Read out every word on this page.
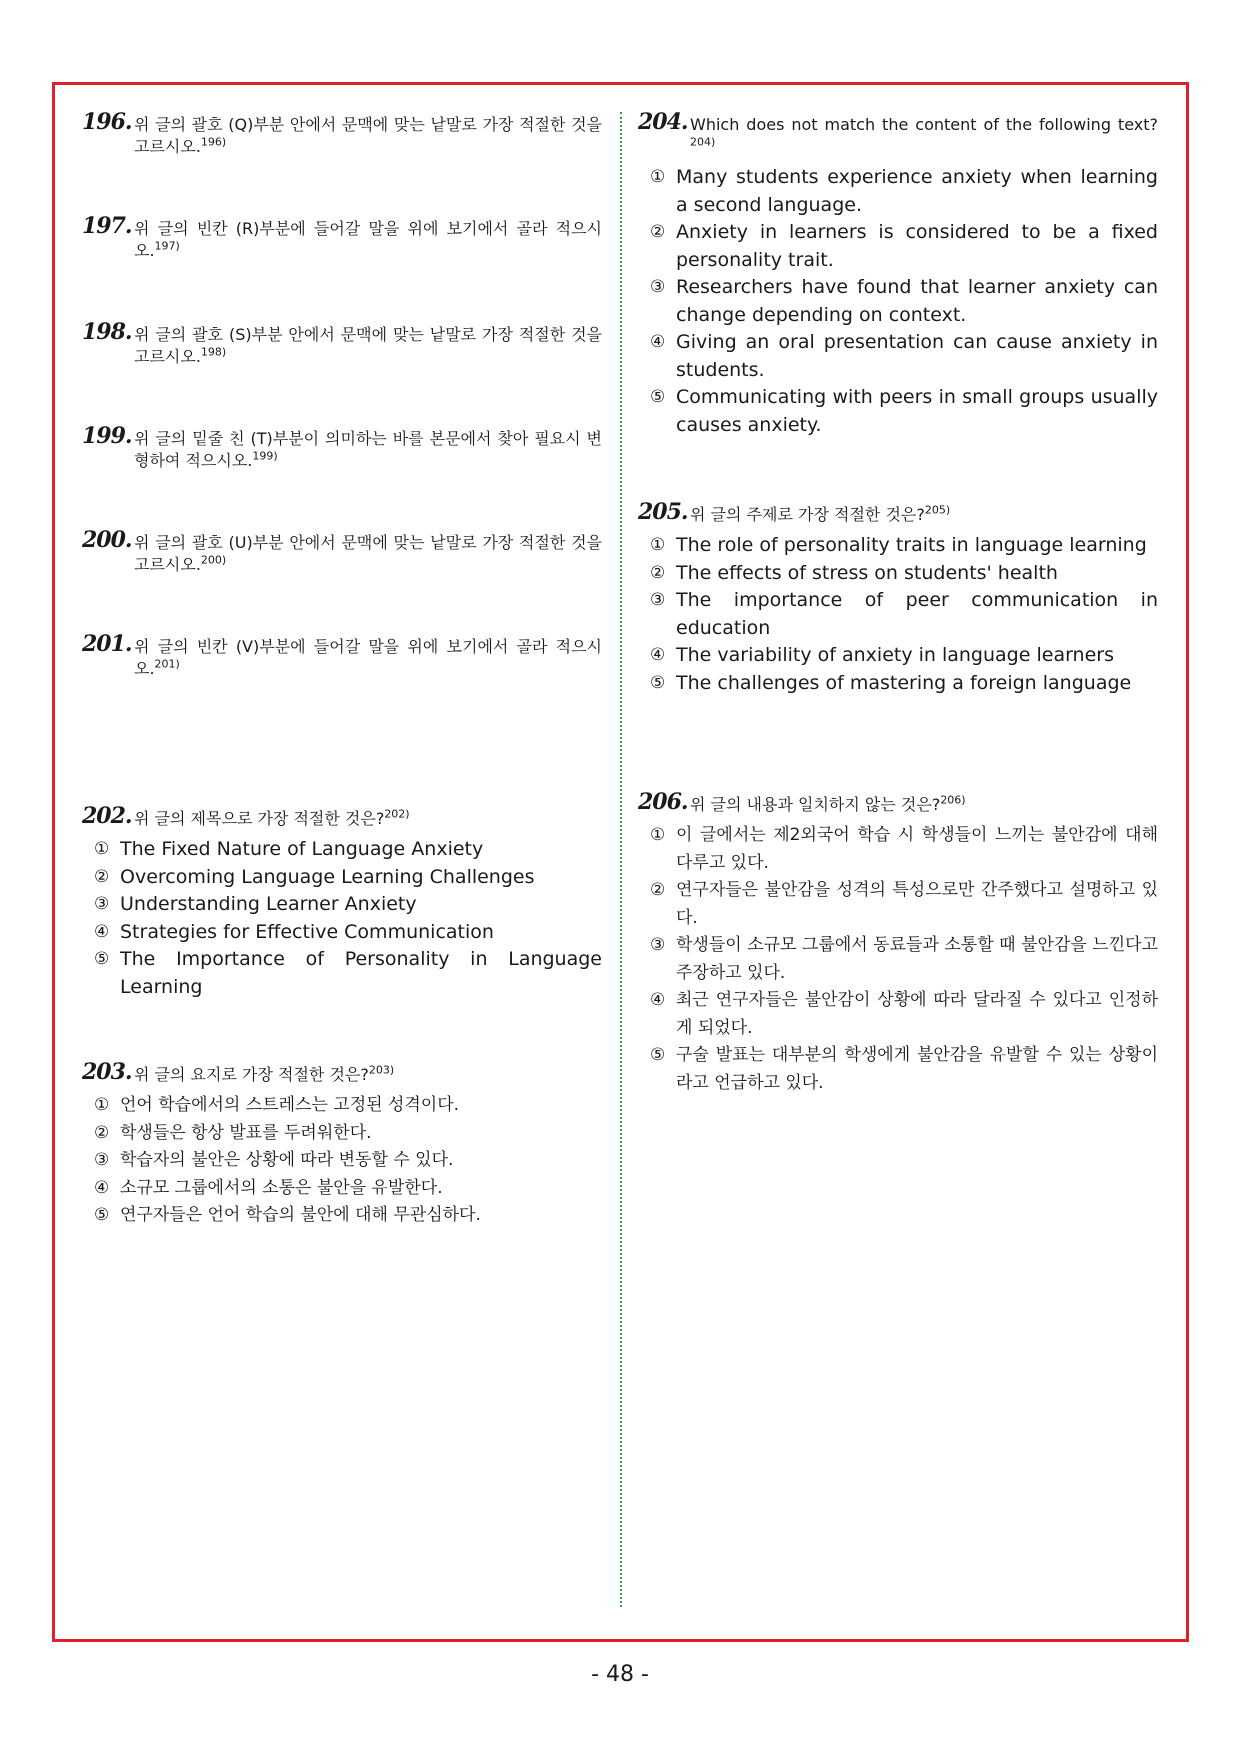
196. 위 글의 괄호 (Q)부분 안에서 문맥에 맞는 낱말로 가장 적절한 것을 고르시오.$^{196)}$
197. 위 글의 빈칸 (R)부분에 들어갈 말을 위에 보기에서 골라 적으시오.$^{197)}$
198. 위 글의 괄호 (S)부분 안에서 문맥에 맞는 낱말로 가장 적절한 것을 고르시오.$^{198)}$
199. 위 글의 밑줄 친 (T)부분이 의미하는 바를 본문에서 찾아 필요시 변형하여 적으시오.$^{199)}$
200. 위 글의 괄호 (U)부분 안에서 문맥에 맞는 낱말로 가장 적절한 것을 고르시오.$^{200)}$
201. 위 글의 빈칸 (V)부분에 들어갈 말을 위에 보기에서 골라 적으시오.$^{201)}$
202. 위 글의 제목으로 가장 적절한 것은?$^{202)}$
① The Fixed Nature of Language Anxiety
② Overcoming Language Learning Challenges
③ Understanding Learner Anxiety
④ Strategies for Effective Communication
⑤ The Importance of Personality in Language Learning
203. 위 글의 요지로 가장 적절한 것은?$^{203)}$
① 언어 학습에서의 스트레스는 고정된 성격이다.
② 학생들은 항상 발표를 두려워한다.
③ 학습자의 불안은 상황에 따라 변동할 수 있다.
④ 소규모 그룹에서의 소통은 불안을 유발한다.
⑤ 연구자들은 언어 학습의 불안에 대해 무관심하다.
204. Which does not match the content of the following text?$^{204)}$
① Many students experience anxiety when learning a second language.
② Anxiety in learners is considered to be a fixed personality trait.
③ Researchers have found that learner anxiety can change depending on context.
④ Giving an oral presentation can cause anxiety in students.
⑤ Communicating with peers in small groups usually causes anxiety.
205. 위 글의 주제로 가장 적절한 것은?$^{205)}$
① The role of personality traits in language learning
② The effects of stress on students' health
③ The importance of peer communication in education
④ The variability of anxiety in language learners
⑤ The challenges of mastering a foreign language
206. 위 글의 내용과 일치하지 않는 것은?$^{206)}$
① 이 글에서는 제2외국어 학습 시 학생들이 느끼는 불안감에 대해 다루고 있다.
② 연구자들은 불안감을 성격의 특성으로만 간주했다고 설명하고 있다.
③ 학생들이 소규모 그룹에서 동료들과 소통할 때 불안감을 느낀다고 주장하고 있다.
④ 최근 연구자들은 불안감이 상황에 따라 달라질 수 있다고 인정하게 되었다.
⑤ 구술 발표는 대부분의 학생에게 불안감을 유발할 수 있는 상황이라고 언급하고 있다.
- 48 -
